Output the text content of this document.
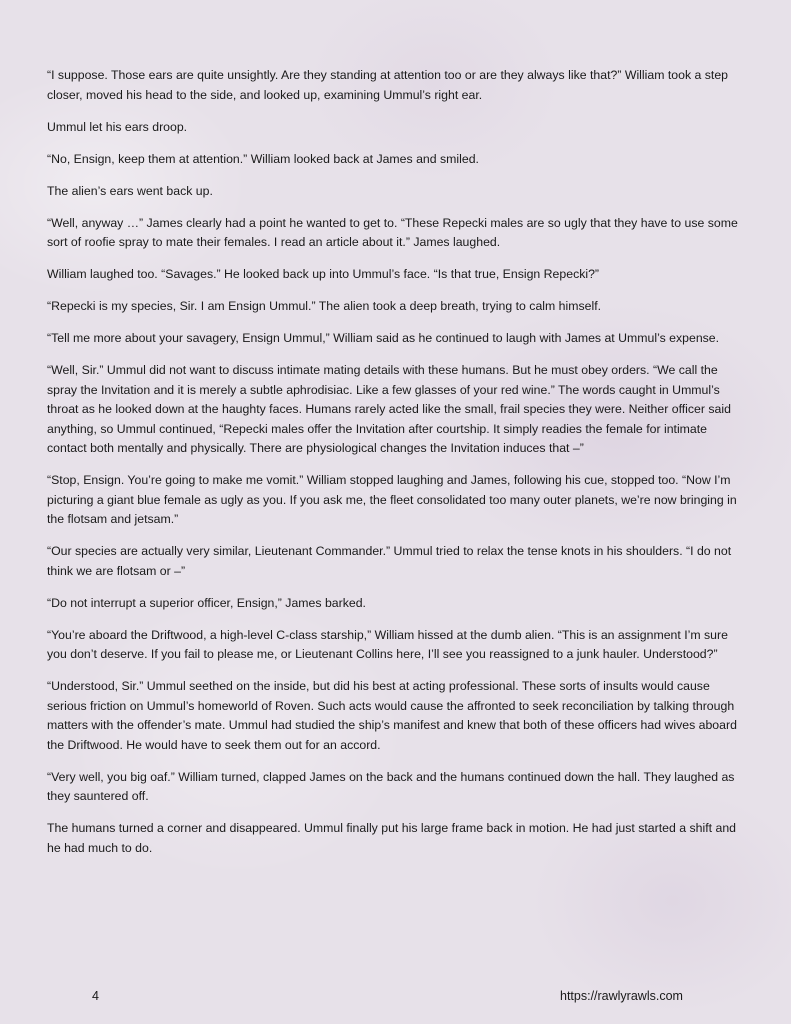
“I suppose. Those ears are quite unsightly. Are they standing at attention too or are they always like that?” William took a step closer, moved his head to the side, and looked up, examining Ummul’s right ear.

Ummul let his ears droop.

“No, Ensign, keep them at attention.” William looked back at James and smiled.

The alien’s ears went back up.

“Well, anyway …” James clearly had a point he wanted to get to. “These Repecki males are so ugly that they have to use some sort of roofie spray to mate their females. I read an article about it.” James laughed.

William laughed too. “Savages.” He looked back up into Ummul’s face. “Is that true, Ensign Repecki?”

“Repecki is my species, Sir. I am Ensign Ummul.” The alien took a deep breath, trying to calm himself.

“Tell me more about your savagery, Ensign Ummul,” William said as he continued to laugh with James at Ummul’s expense.

“Well, Sir.” Ummul did not want to discuss intimate mating details with these humans. But he must obey orders. “We call the spray the Invitation and it is merely a subtle aphrodisiac. Like a few glasses of your red wine.” The words caught in Ummul’s throat as he looked down at the haughty faces. Humans rarely acted like the small, frail species they were. Neither officer said anything, so Ummul continued, “Repecki males offer the Invitation after courtship. It simply readies the female for intimate contact both mentally and physically. There are physiological changes the Invitation induces that –”

“Stop, Ensign. You’re going to make me vomit.” William stopped laughing and James, following his cue, stopped too. “Now I’m picturing a giant blue female as ugly as you. If you ask me, the fleet consolidated too many outer planets, we’re now bringing in the flotsam and jetsam.”

“Our species are actually very similar, Lieutenant Commander.” Ummul tried to relax the tense knots in his shoulders. “I do not think we are flotsam or –”

“Do not interrupt a superior officer, Ensign,” James barked.

“You’re aboard the Driftwood, a high-level C-class starship,” William hissed at the dumb alien. “This is an assignment I’m sure you don’t deserve. If you fail to please me, or Lieutenant Collins here, I’ll see you reassigned to a junk hauler. Understood?”

“Understood, Sir.” Ummul seethed on the inside, but did his best at acting professional. These sorts of insults would cause serious friction on Ummul’s homeworld of Roven. Such acts would cause the affronted to seek reconciliation by talking through matters with the offender’s mate. Ummul had studied the ship’s manifest and knew that both of these officers had wives aboard the Driftwood. He would have to seek them out for an accord.

“Very well, you big oaf.” William turned, clapped James on the back and the humans continued down the hall. They laughed as they sauntered off.

The humans turned a corner and disappeared. Ummul finally put his large frame back in motion. He had just started a shift and he had much to do.

4	https://rawlyrawls.com
